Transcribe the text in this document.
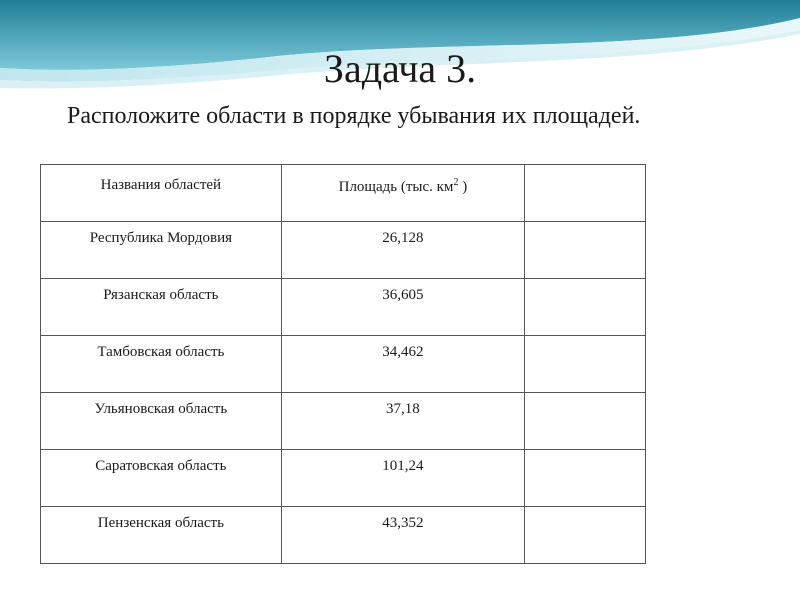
Задача 3.

Расположите области в порядке убывания их площадей.

Названия областей	Площадь (тыс. $км^2$ )	
Республика Мордовия	26,128	
Рязанская область	36,605	
Тамбовская область	34,462	
Ульяновская область	37,18	
Саратовская область	101,24	
Пензенская область	43,352	
